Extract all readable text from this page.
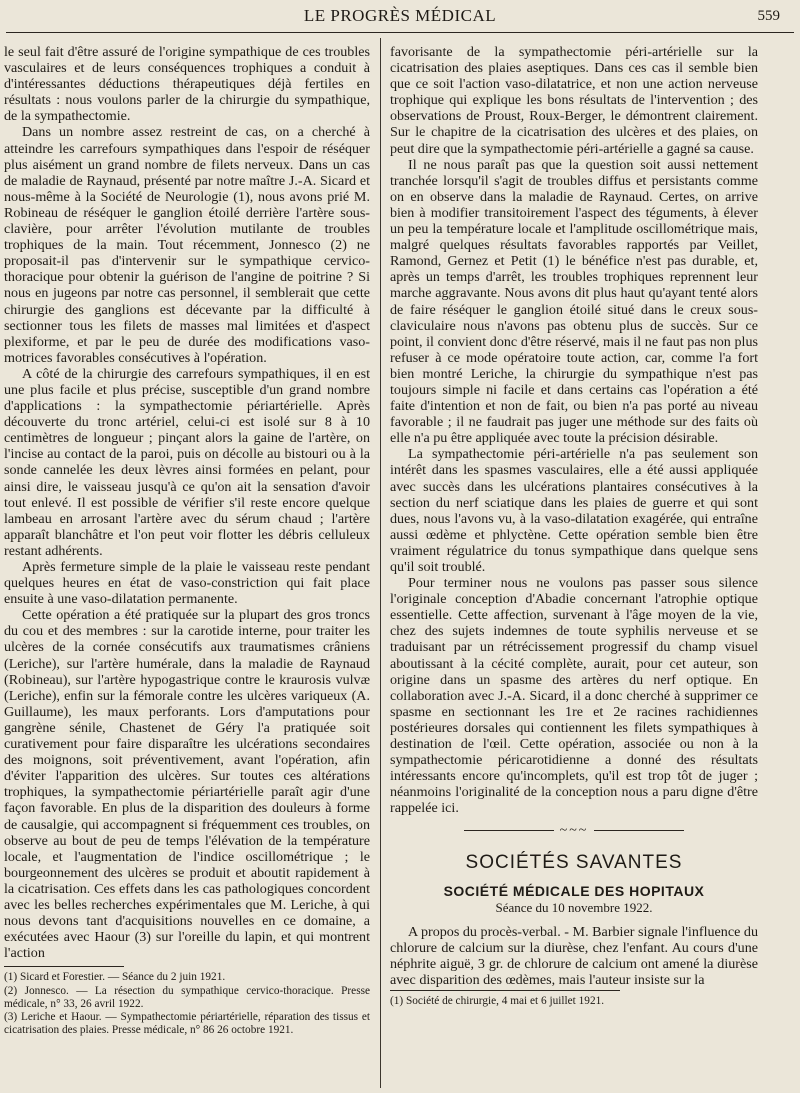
LE PROGRÈS MÉDICAL	559

le seul fait d'être assuré de l'origine sympathique de ces troubles vasculaires et de leurs conséquences trophiques a conduit à d'intéressantes déductions thérapeutiques déjà fertiles en résultats : nous voulons parler de la chirurgie du sympathique, de la sympathectomie.

Dans un nombre assez restreint de cas, on a cherché à atteindre les carrefours sympathiques dans l'espoir de réséquer plus aisément un grand nombre de filets nerveux. Dans un cas de maladie de Raynaud, présenté par notre maître J.-A. Sicard et nous-même à la Société de Neurologie (1), nous avons prié M. Robineau de réséquer le ganglion étoilé derrière l'artère sous-clavière, pour arrêter l'évolution mutilante de troubles trophiques de la main. Tout récemment, Jonnesco (2) ne proposait-il pas d'intervenir sur le sympathique cervico-thoracique pour obtenir la guérison de l'angine de poitrine ? Si nous en jugeons par notre cas personnel, il semblerait que cette chirurgie des ganglions est décevante par la difficulté à sectionner tous les filets de masses mal limitées et d'aspect plexiforme, et par le peu de durée des modifications vaso-motrices favorables consécutives à l'opération.

A côté de la chirurgie des carrefours sympathiques, il en est une plus facile et plus précise, susceptible d'un grand nombre d'applications : la sympathectomie périartérielle. Après découverte du tronc artériel, celui-ci est isolé sur 8 à 10 centimètres de longueur ; pinçant alors la gaine de l'artère, on l'incise au contact de la paroi, puis on décolle au bistouri ou à la sonde cannelée les deux lèvres ainsi formées en pelant, pour ainsi dire, le vaisseau jusqu'à ce qu'on ait la sensation d'avoir tout enlevé. Il est possible de vérifier s'il reste encore quelque lambeau en arrosant l'artère avec du sérum chaud ; l'artère apparaît blanchâtre et l'on peut voir flotter les débris celluleux restant adhérents.

Après fermeture simple de la plaie le vaisseau reste pendant quelques heures en état de vaso-constriction qui fait place ensuite à une vaso-dilatation permanente.

Cette opération a été pratiquée sur la plupart des gros troncs du cou et des membres : sur la carotide interne, pour traiter les ulcères de la cornée consécutifs aux traumatismes crâniens (Leriche), sur l'artère humérale, dans la maladie de Raynaud (Robineau), sur l'artère hypogastrique contre le kraurosis vulvæ (Leriche), enfin sur la fémorale contre les ulcères variqueux (A. Guillaume), les maux perforants. Lors d'amputations pour gangrène sénile, Chastenet de Géry l'a pratiquée soit curativement pour faire disparaître les ulcérations secondaires des moignons, soit préventivement, avant l'opération, afin d'éviter l'apparition des ulcères. Sur toutes ces altérations trophiques, la sympathectomie périartérielle paraît agir d'une façon favorable. En plus de la disparition des douleurs à forme de causalgie, qui accompagnent si fréquemment ces troubles, on observe au bout de peu de temps l'élévation de la température locale, et l'augmentation de l'indice oscillométrique ; le bourgeonnement des ulcères se produit et aboutit rapidement à la cicatrisation. Ces effets dans les cas pathologiques concordent avec les belles recherches expérimentales que M. Leriche, à qui nous devons tant d'acquisitions nouvelles en ce domaine, a exécutées avec Haour (3) sur l'oreille du lapin, et qui montrent l'action

(1) Sicard et Forestier. — Séance du 2 juin 1921.

(2) Jonnesco. — La résection du sympathique cervico-thoracique. Presse médicale, n° 33, 26 avril 1922.

(3) Leriche et Haour. — Sympathectomie périartérielle, réparation des tissus et cicatrisation des plaies. Presse médicale, n° 86 26 octobre 1921.

favorisante de la sympathectomie péri-artérielle sur la cicatrisation des plaies aseptiques. Dans ces cas il semble bien que ce soit l'action vaso-dilatatrice, et non une action nerveuse trophique qui explique les bons résultats de l'intervention ; des observations de Proust, Roux-Berger, le démontrent clairement. Sur le chapitre de la cicatrisation des ulcères et des plaies, on peut dire que la sympathectomie péri-artérielle a gagné sa cause.

Il ne nous paraît pas que la question soit aussi nettement tranchée lorsqu'il s'agit de troubles diffus et persistants comme on en observe dans la maladie de Raynaud. Certes, on arrive bien à modifier transitoirement l'aspect des téguments, à élever un peu la température locale et l'amplitude oscillométrique mais, malgré quelques résultats favorables rapportés par Veillet, Ramond, Gernez et Petit (1) le bénéfice n'est pas durable, et, après un temps d'arrêt, les troubles trophiques reprennent leur marche aggravante. Nous avons dit plus haut qu'ayant tenté alors de faire réséquer le ganglion étoilé situé dans le creux sous-claviculaire nous n'avons pas obtenu plus de succès. Sur ce point, il convient donc d'être réservé, mais il ne faut pas non plus refuser à ce mode opératoire toute action, car, comme l'a fort bien montré Leriche, la chirurgie du sympathique n'est pas toujours simple ni facile et dans certains cas l'opération a été faite d'intention et non de fait, ou bien n'a pas porté au niveau favorable ; il ne faudrait pas juger une méthode sur des faits où elle n'a pu être appliquée avec toute la précision désirable.

La sympathectomie péri-artérielle n'a pas seulement son intérêt dans les spasmes vasculaires, elle a été aussi appliquée avec succès dans les ulcérations plantaires consécutives à la section du nerf sciatique dans les plaies de guerre et qui sont dues, nous l'avons vu, à la vaso-dilatation exagérée, qui entraîne aussi œdème et phlyctène. Cette opération semble bien être vraiment régulatrice du tonus sympathique dans quelque sens qu'il soit troublé.

Pour terminer nous ne voulons pas passer sous silence l'originale conception d'Abadie concernant l'atrophie optique essentielle. Cette affection, survenant à l'âge moyen de la vie, chez des sujets indemnes de toute syphilis nerveuse et se traduisant par un rétrécissement progressif du champ visuel aboutissant à la cécité complète, aurait, pour cet auteur, son origine dans un spasme des artères du nerf optique. En collaboration avec J.-A. Sicard, il a donc cherché à supprimer ce spasme en sectionnant les 1re et 2e racines rachidiennes postérieures dorsales qui contiennent les filets sympathiques à destination de l'œil. Cette opération, associée ou non à la sympathectomie péricarotidienne a donné des résultats intéressants encore qu'incomplets, qu'il est trop tôt de juger ; néanmoins l'originalité de la conception nous a paru digne d'être rappelée ici.

~~~
SOCIÉTÉS SAVANTES
SOCIÉTÉ MÉDICALE DES HOPITAUX
Séance du 10 novembre 1922.

A propos du procès-verbal. - M. Barbier signale l'influence du chlorure de calcium sur la diurèse, chez l'enfant. Au cours d'une néphrite aiguë, 3 gr. de chlorure de calcium ont amené la diurèse avec disparition des œdèmes, mais l'auteur insiste sur la

(1) Société de chirurgie, 4 mai et 6 juillet 1921.
